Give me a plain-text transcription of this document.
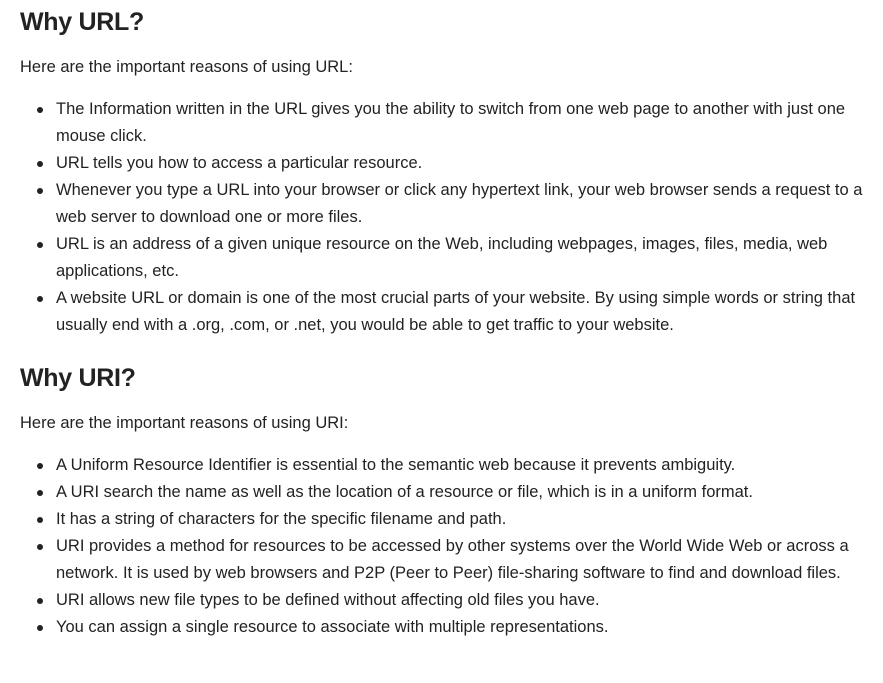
Why URL?

Here are the important reasons of using URL:

The Information written in the URL gives you the ability to switch from one web page to another with just one mouse click.
URL tells you how to access a particular resource.
Whenever you type a URL into your browser or click any hypertext link, your web browser sends a request to a web server to download one or more files.
URL is an address of a given unique resource on the Web, including webpages, images, files, media, web applications, etc.
A website URL or domain is one of the most crucial parts of your website. By using simple words or string that usually end with a .org, .com, or .net, you would be able to get traffic to your website.
Why URI?

Here are the important reasons of using URI:

A Uniform Resource Identifier is essential to the semantic web because it prevents ambiguity.
A URI search the name as well as the location of a resource or file, which is in a uniform format.
It has a string of characters for the specific filename and path.
URI provides a method for resources to be accessed by other systems over the World Wide Web or across a network. It is used by web browsers and P2P (Peer to Peer) file-sharing software to find and download files.
URI allows new file types to be defined without affecting old files you have.
You can assign a single resource to associate with multiple representations.
